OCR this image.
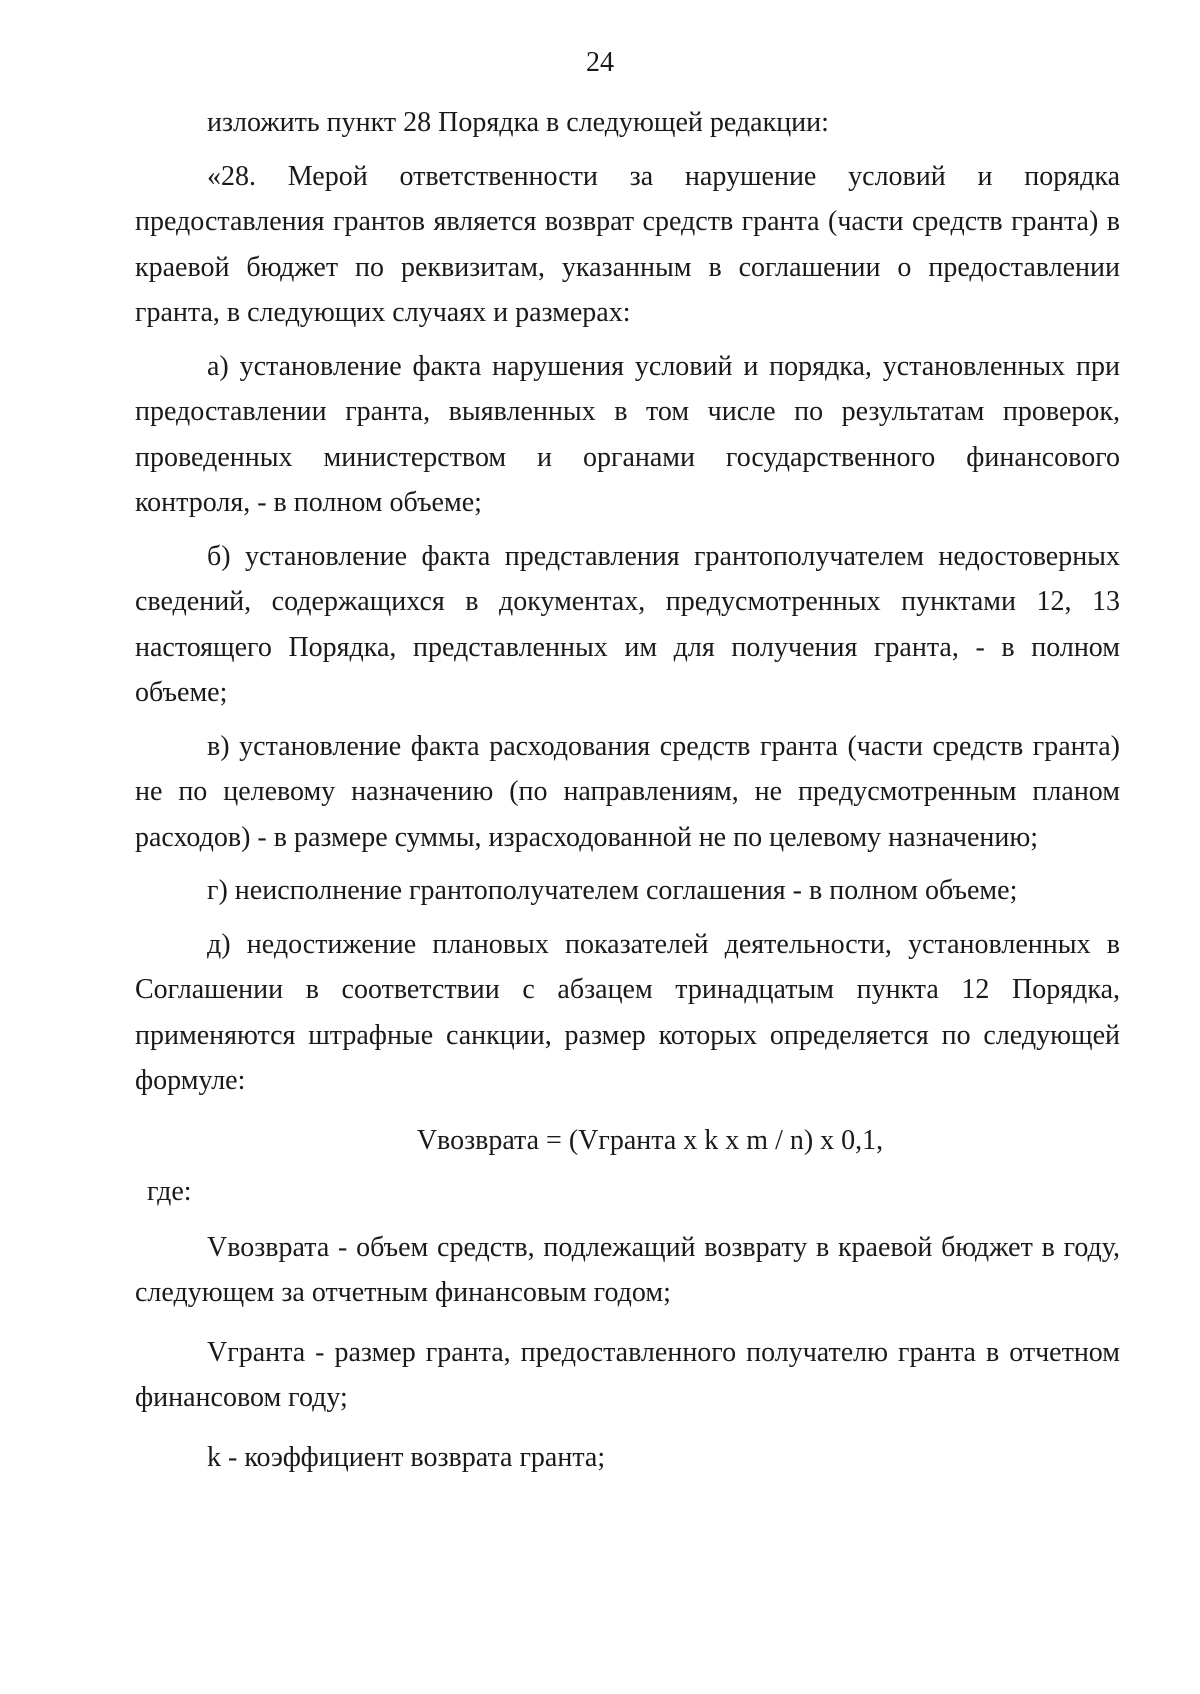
24

изложить пункт 28 Порядка в следующей редакции:

«28. Мерой ответственности за нарушение условий и порядка предоставления грантов является возврат средств гранта (части средств гранта) в краевой бюджет по реквизитам, указанным в соглашении о предоставлении гранта, в следующих случаях и размерах:

а) установление факта нарушения условий и порядка, установленных при предоставлении гранта, выявленных в том числе по результатам проверок, проведенных министерством и органами государственного финансового контроля, - в полном объеме;

б) установление факта представления грантополучателем недостоверных сведений, содержащихся в документах, предусмотренных пунктами 12, 13 настоящего Порядка, представленных им для получения гранта, - в полном объеме;

в) установление факта расходования средств гранта (части средств гранта) не по целевому назначению (по направлениям, не предусмотренным планом расходов) - в размере суммы, израсходованной не по целевому назначению;

г) неисполнение грантополучателем соглашения - в полном объеме;

д) недостижение плановых показателей деятельности, установленных в Соглашении в соответствии с абзацем тринадцатым пункта 12 Порядка, применяются штрафные санкции, размер которых определяется по следующей формуле:

Vвозврата = (Vгранта x k x m / n) x 0,1,

где:

Vвозврата - объем средств, подлежащий возврату в краевой бюджет в году, следующем за отчетным финансовым годом;

Vгранта - размер гранта, предоставленного получателю гранта в отчетном финансовом году;

k - коэффициент возврата гранта;
